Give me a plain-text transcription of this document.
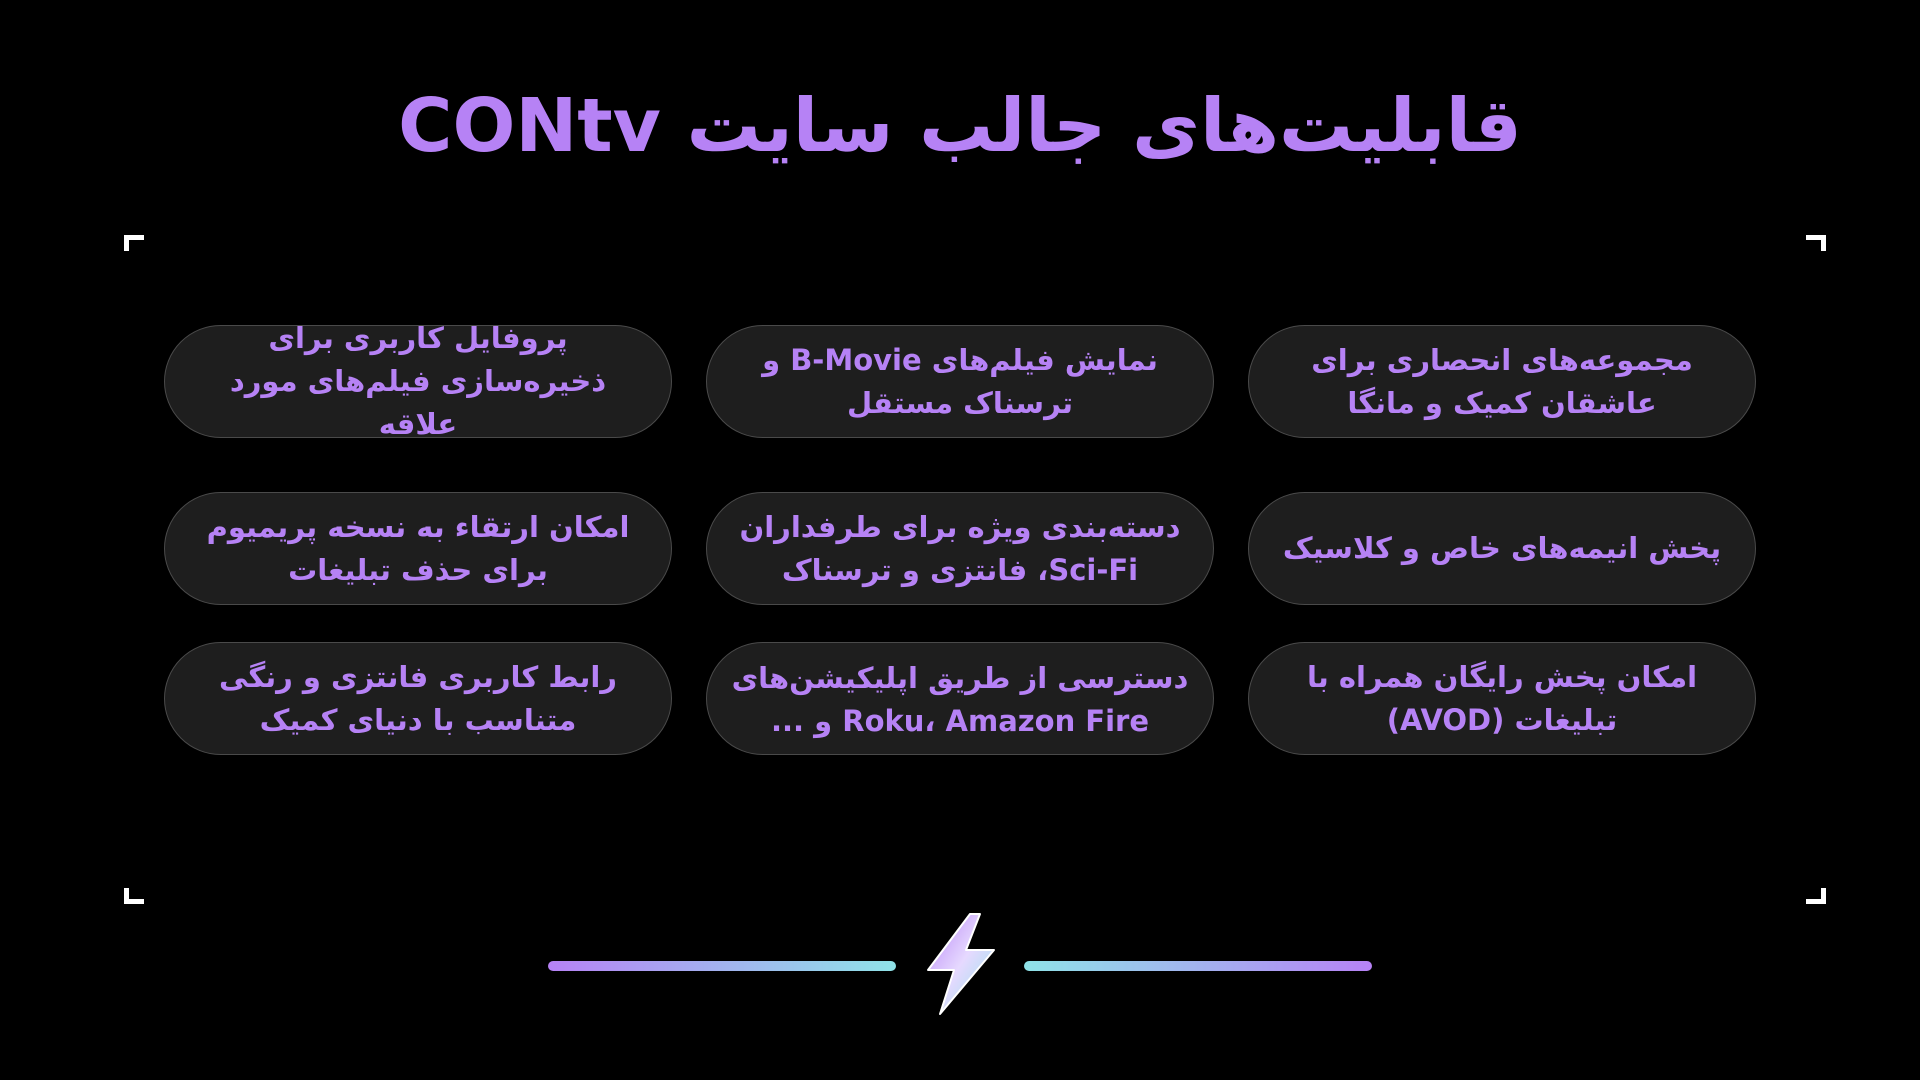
قابلیت‌های جالب سایت CONtv
مجموعه‌های انحصاری برای عاشقان کمیک و مانگا
نمایش فیلم‌های B-Movie و ترسناک مستقل
پروفایل کاربری برای ذخیره‌سازی فیلم‌های مورد علاقه
پخش انیمه‌های خاص و کلاسیک
دسته‌بندی ویژه برای طرفداران Sci-Fi، فانتزی و ترسناک
امکان ارتقاء به نسخه پریمیوم برای حذف تبلیغات
امکان پخش رایگان همراه با تبلیغات (AVOD)
دسترسی از طریق اپلیکیشن‌های Roku، Amazon Fire و ...
رابط کاربری فانتزی و رنگی متناسب با دنیای کمیک
